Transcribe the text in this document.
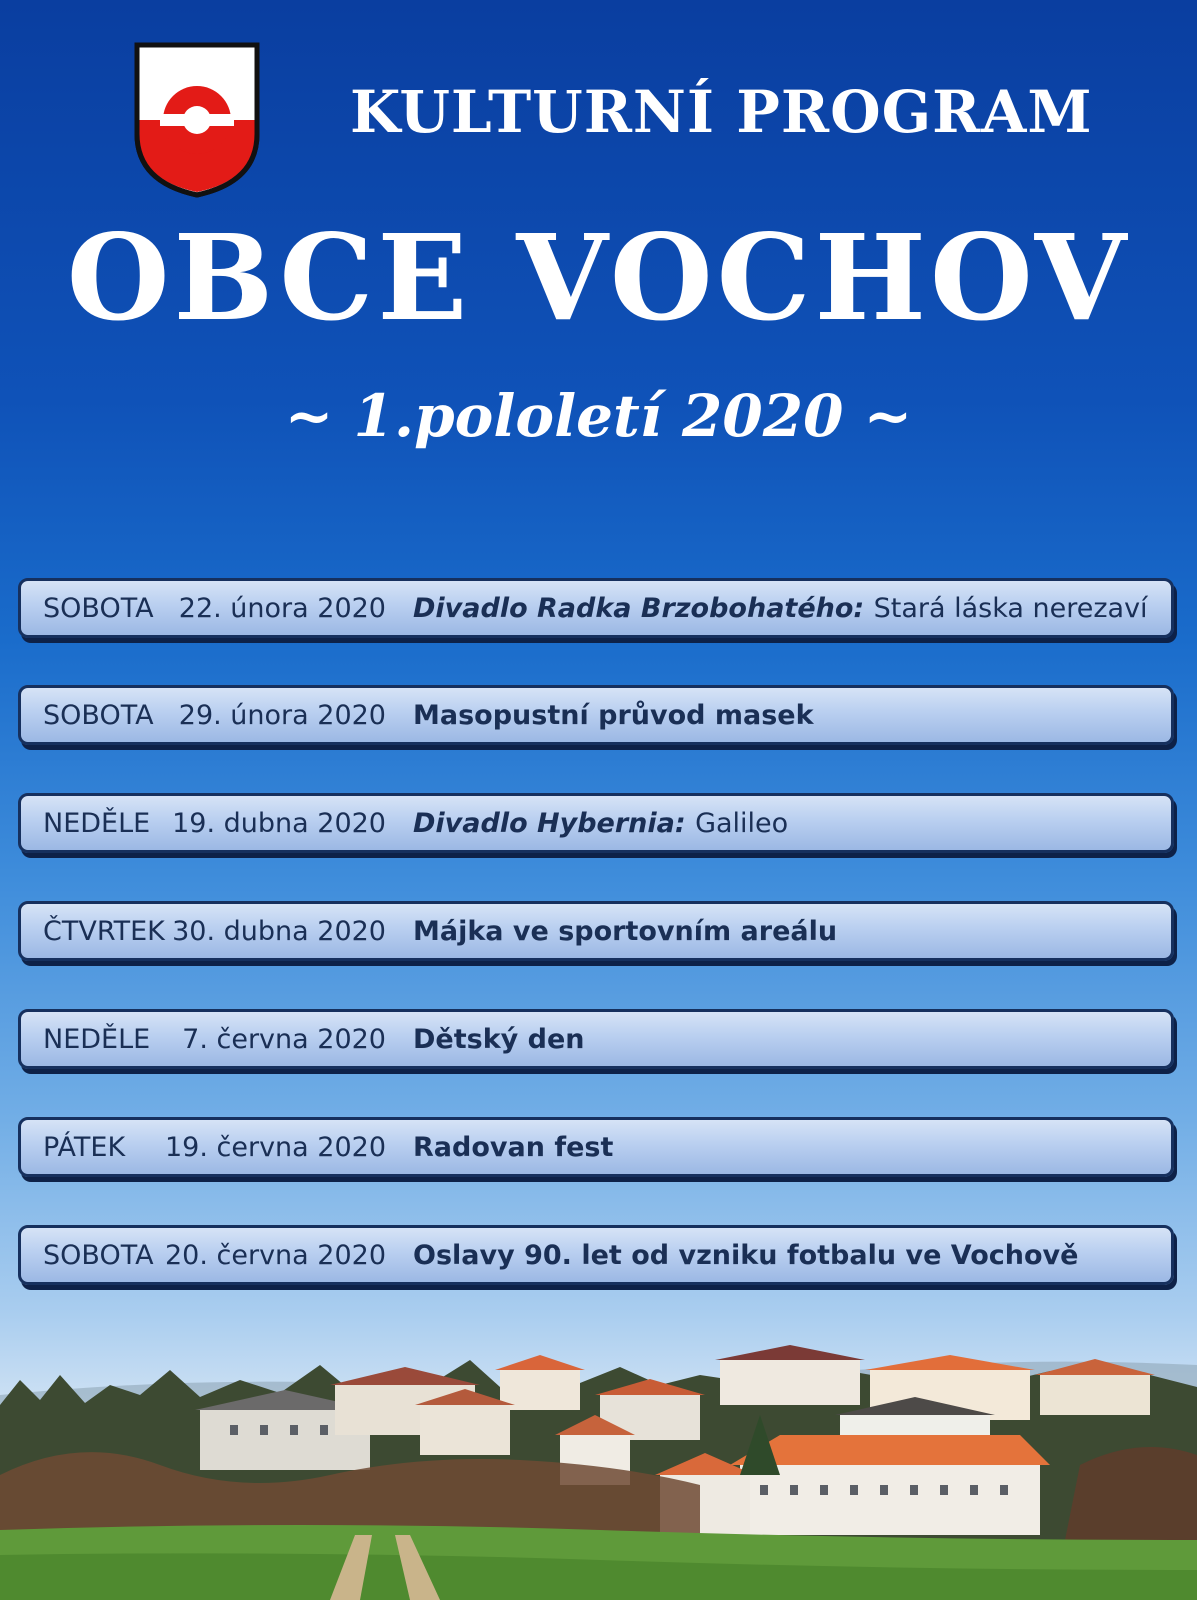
KULTURNÍ PROGRAM
OBCE VOCHOV
~ 1.pololetí 2020 ~
SOBOTA 22. února 2020 Divadlo Radka Brzobohatého: Stará láska nerezaví
SOBOTA 29. února 2020 Masopustní průvod masek
NEDĚLE 19. dubna 2020 Divadlo Hybernia: Galileo
ČTVRTEK 30. dubna 2020 Májka ve sportovním areálu
NEDĚLE	7. června 2020 Dětský den
PÁTEK	19. června 2020 Radovan fest
SOBOTA 20. června 2020 Oslavy 90. let od vzniku fotbalu ve Vochově
